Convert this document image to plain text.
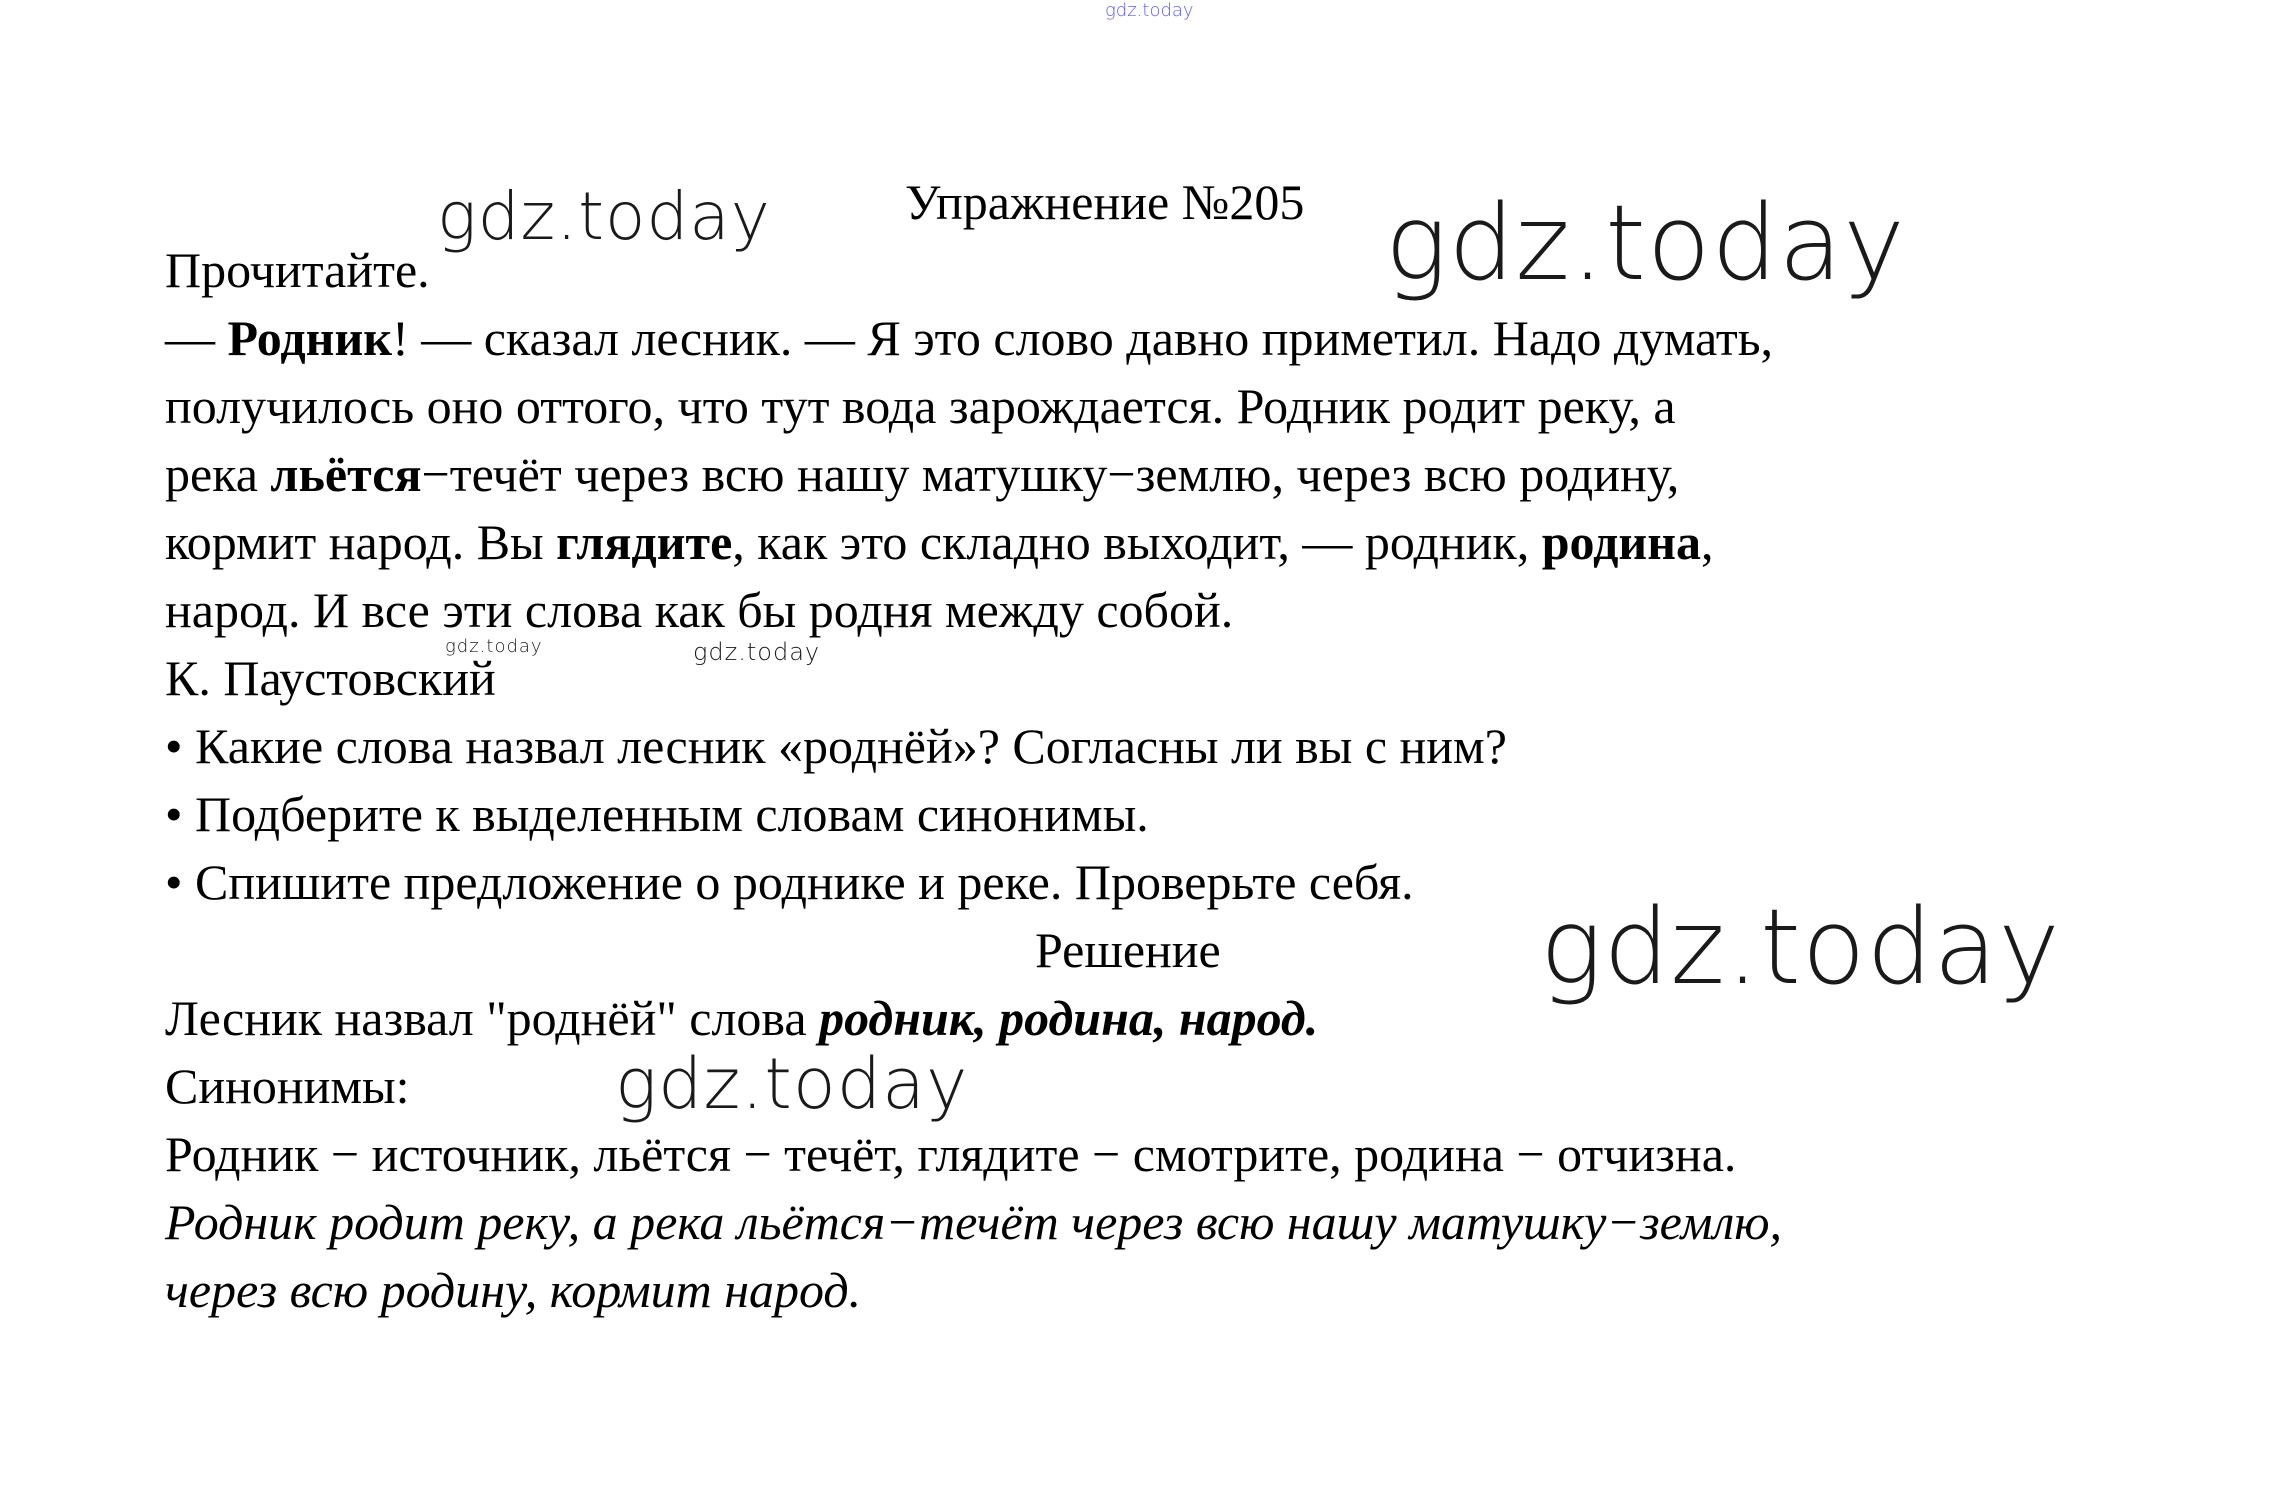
gdz.today
gdz.today	gdz.today
gdz.today	gdz.today
gdz.today
gdz.today
Упражнение №205
Прочитайте.
— Родник! — сказал лесник. — Я это слово давно приметил. Надо думать,
получилось оно оттого, что тут вода зарождается. Родник родит реку, а
река льётся−течёт через всю нашу матушку−землю, через всю родину,
кормит народ. Вы глядите, как это складно выходит, — родник, родина,
народ. И все эти слова как бы родня между собой.
К. Паустовский
• Какие слова назвал лесник «роднёй»? Согласны ли вы с ним?
• Подберите к выделенным словам синонимы.
• Спишите предложение о роднике и реке. Проверьте себя.
Решение
Лесник назвал "роднёй" слова родник, родина, народ.
Синонимы:
Родник − источник, льётся − течёт, глядите − смотрите, родина − отчизна.
Родник родит реку, а река льётся−течёт через всю нашу матушку−землю,
через всю родину, кормит народ.
